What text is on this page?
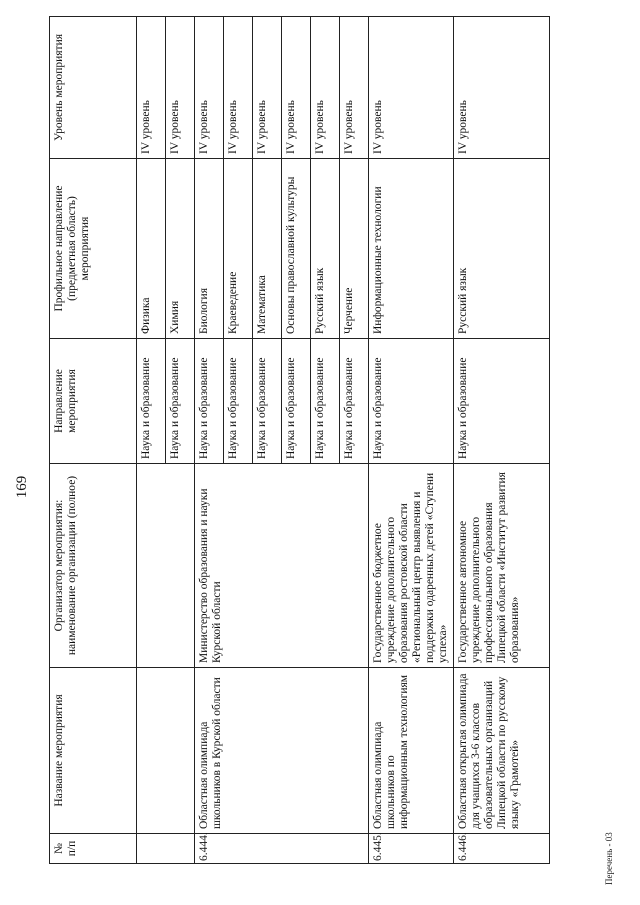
169
№ п/п	Название мероприятия	Организатор мероприятия: наименование организации (полное)	Направление мероприятия	Профильное направление (предметная область) мероприятия	Уровень мероприятия
			Наука и образование	Физика	IV уровень
			Наука и образование	Химия	IV уровень
6.444.	Областная олимпиада школьников в Курской области	Министерство образования и науки Курской области	Наука и образование	Биология	IV уровень
			Наука и образование	Краеведение	IV уровень
			Наука и образование	Математика	IV уровень
			Наука и образование	Основы православной культуры	IV уровень
			Наука и образование	Русский язык	IV уровень
			Наука и образование	Черчение	IV уровень
6.445.	Областная олимпиада школьников по информационным технологиям	Государственное бюджетное учреждение дополнительного образования ростовской области «Региональный центр выявления и поддержки одаренных детей «Ступени успеха»	Наука и образование	Информационные технологии	IV уровень
6.446.	Областная открытая олимпиада для учащихся 3-6 классов образовательных организаций Липецкой области по русскому языку «Грамотей»	Государственное автономное учреждение дополнительного профессионального образования Липецкой области «Институт развития образования»	Наука и образование	Русский язык	IV уровень
Перечень - 03
